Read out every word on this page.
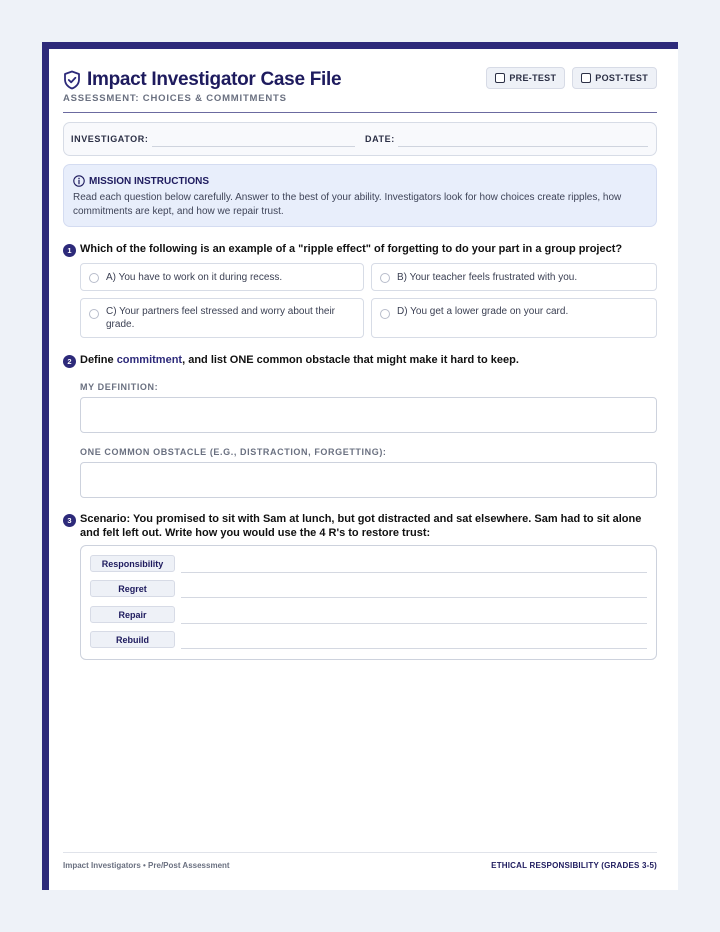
Impact Investigator Case File
ASSESSMENT: CHOICES & COMMITMENTS
PRE-TEST	POST-TEST
INVESTIGATOR:	DATE:
MISSION INSTRUCTIONS
Read each question below carefully. Answer to the best of your ability. Investigators look for how choices create ripples, how commitments are kept, and how we repair trust.
1 Which of the following is an example of a "ripple effect" of forgetting to do your part in a group project?
A) You have to work on it during recess.	B) Your teacher feels frustrated with you.
C) Your partners feel stressed and worry about their grade.
D) You get a lower grade on your card.
2 Define commitment, and list ONE common obstacle that might make it hard to keep.
MY DEFINITION:
ONE COMMON OBSTACLE (E.G., DISTRACTION, FORGETTING):
3 Scenario: You promised to sit with Sam at lunch, but got distracted and sat elsewhere. Sam had to sit alone and felt left out. Write how you would use the 4 R's to restore trust:
Responsibility
Regret
Repair
Rebuild
Impact Investigators • Pre/Post Assessment	ETHICAL RESPONSIBILITY (GRADES 3-5)
